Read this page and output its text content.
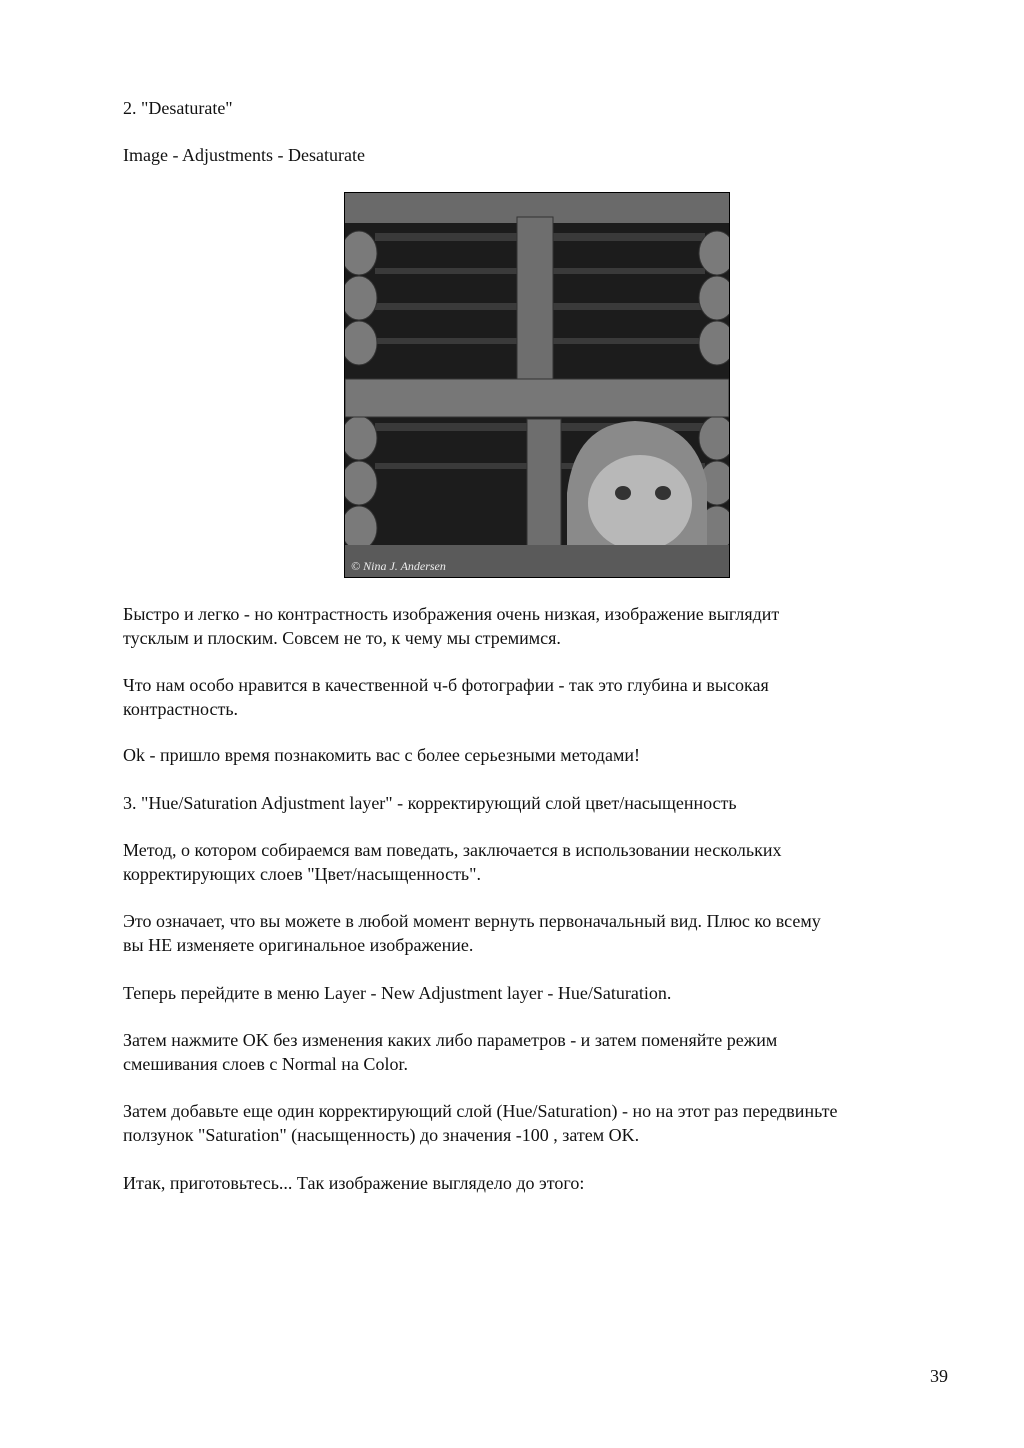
2. "Desaturate"
Image - Adjustments - Desaturate
© Nina J. Andersen
Быстро и легко - но контрастность изображения очень низкая, изображение выглядит
тусклым и плоским. Совсем не то, к чему мы стремимся.
Что нам особо нравится в качественной ч-б фотографии - так это глубина и высокая
контрастность.
Ok - пришло время познакомить вас с более серьезными методами!
3. "Hue/Saturation Adjustment layer" - корректирующий слой цвет/насыщенность
Метод, о котором собираемся вам поведать, заключается в использовании нескольких
корректирующих слоев "Цвет/насыщенность".
Это означает, что вы можете в любой момент вернуть первоначальный вид. Плюс ко всему
вы НЕ изменяете оригинальное изображение.
Теперь перейдите в меню Layer - New Adjustment layer - Hue/Saturation.
Затем нажмите OK без изменения каких либо параметров - и затем поменяйте режим
смешивания слоев с Normal на Color.
Затем добавьте еще один корректирующий слой (Hue/Saturation) - но на этот раз передвиньте
ползунок "Saturation" (насыщенность) до значения -100 , затем OK.
Итак, приготовьтесь... Так изображение выглядело до этого:
39
